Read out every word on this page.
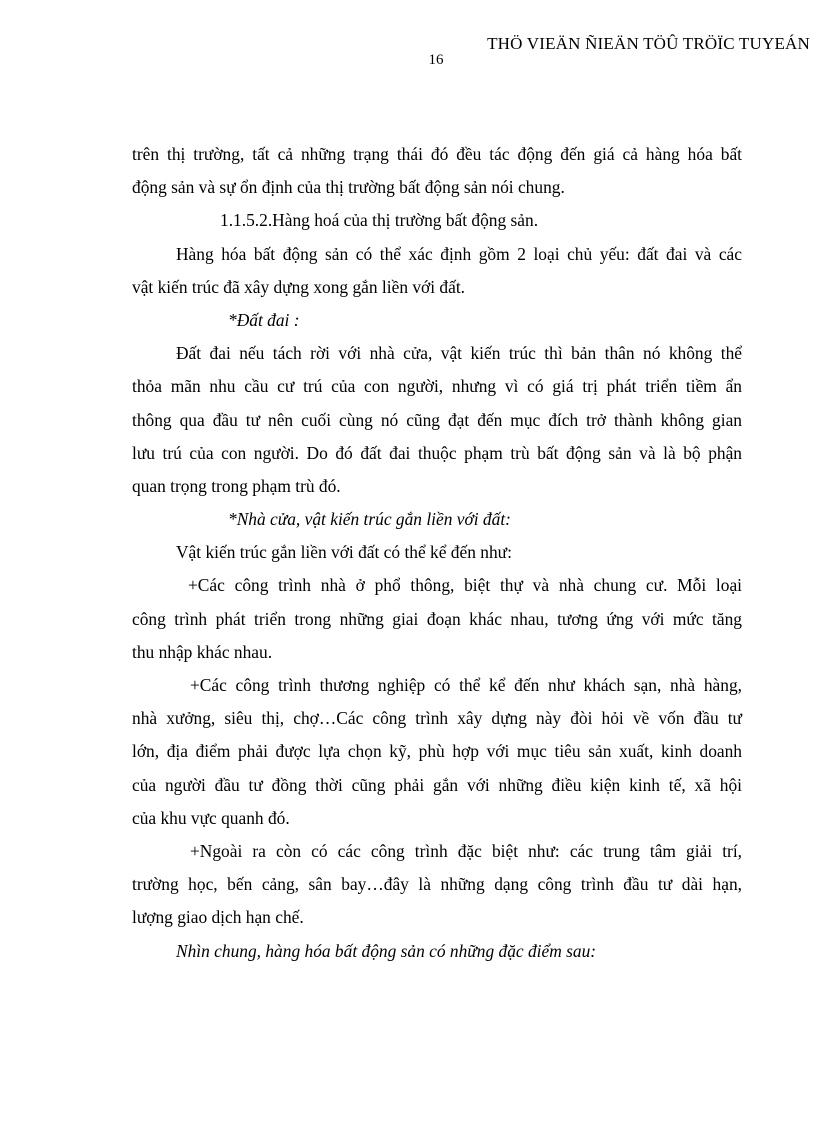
THÖ VIEÄN ÑIEÄN TÖÛ TRÖÏC TUYEÁN
16
trên thị trường, tất cả những trạng thái đó đều tác động đến giá cả hàng hóa bất
động sản và sự ổn định của thị trường bất động sản nói chung.
1.1.5.2.Hàng hoá của thị trường bất động sản.
Hàng hóa bất động sản có thể xác định gồm 2 loại chủ yếu: đất đai và các
vật kiến trúc đã xây dựng xong gắn liền với đất.
*Đất đai :
Đất đai nếu tách rời với nhà cửa, vật kiến trúc thì bản thân nó không thể
thỏa mãn nhu cầu cư trú của con người, nhưng vì có giá trị phát triển tiềm ẩn
thông qua đầu tư nên cuối cùng nó cũng đạt đến mục đích trở thành không gian
lưu trú của con người. Do đó đất đai thuộc phạm trù bất động sản và là bộ phận
quan trọng trong phạm trù đó.
*Nhà cửa, vật kiến trúc gắn liền với đất:
Vật kiến trúc gắn liền với đất có thể kể đến như:
+Các công trình nhà ở phổ thông, biệt thự và nhà chung cư. Mỗi loại
công trình phát triển trong những giai đoạn khác nhau, tương ứng với mức tăng
thu nhập khác nhau.
+Các công trình thương nghiệp có thể kể đến như khách sạn, nhà hàng,
nhà xưởng, siêu thị, chợ…Các công trình xây dựng này đòi hỏi về vốn đầu tư
lớn, địa điểm phải được lựa chọn kỹ, phù hợp với mục tiêu sản xuất, kinh doanh
của người đầu tư đồng thời cũng phải gắn với những điều kiện kinh tế, xã hội
của khu vực quanh đó.
+Ngoài ra còn có các công trình đặc biệt như: các trung tâm giải trí,
trường học, bến cảng, sân bay…đây là những dạng công trình đầu tư dài hạn,
lượng giao dịch hạn chế.
Nhìn chung, hàng hóa bất động sản có những đặc điểm sau:
